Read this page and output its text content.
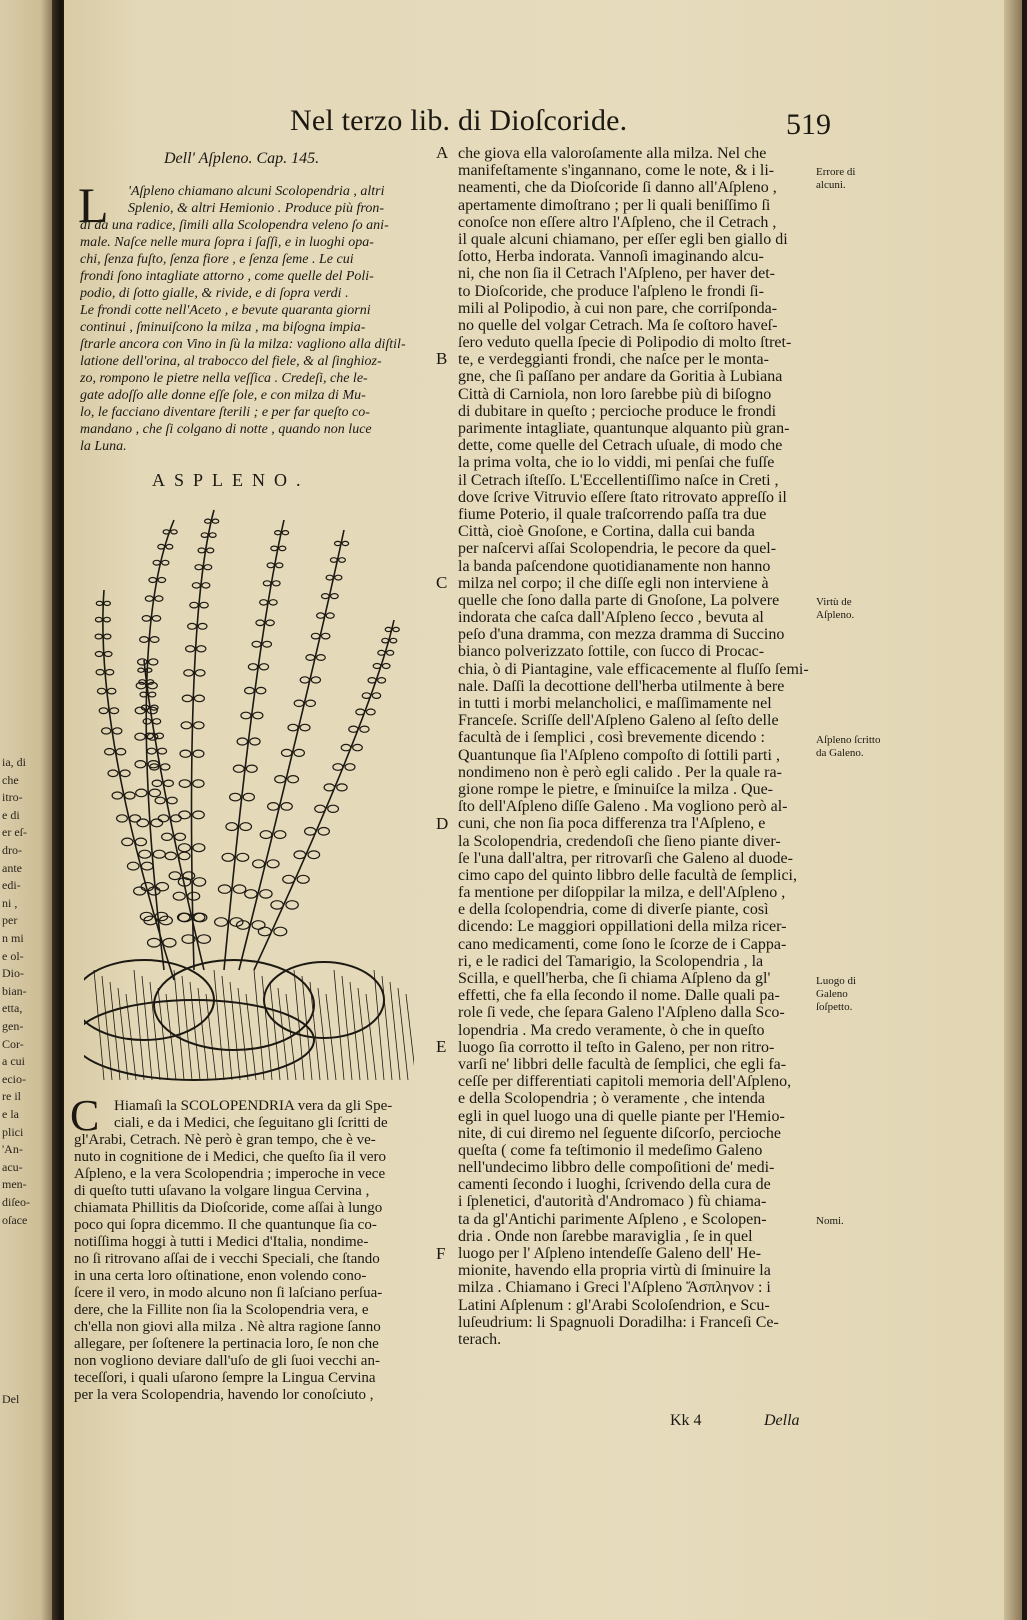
ia, di
che
itro-
e di
er eſ-
dro-
ante
edi-
ni ,
per
n mi
e ol-
Dio-
bian-
etta,
gen-
Cor-
a cui
ecio-
re il
e la
plici
'An-
acu-
men-
diſeo-
oſace
Del
Nel terzo lib. di Dioſcoride.	519
Dell' Aſpleno. Cap. 145.
L	'Aſpleno chiamano alcuni Scolopendria , altri
Splenio, & altri Hemionio . Produce più fron-
di da una radice, ſimili alla Scolopendra veleno ſo ani-
male. Naſce nelle mura ſopra i ſaſſi, e in luoghi opa-
chi, ſenza fuſto, ſenza fiore , e ſenza ſeme . Le cui
frondi ſono intagliate attorno , come quelle del Poli-
podio, di ſotto gialle, & rivide, e di ſopra verdi .
Le frondi cotte nell'Aceto , e bevute quaranta giorni
continui , ſminuiſcono la milza , ma biſogna impia-
ſtrarle ancora con Vino in ſù la milza: vagliono alla diſtil-
latione dell'orina, al trabocco del fiele, & al ſinghioz-
zo, rompono le pietre nella veſſica . Credeſi, che le-
gate adoſſo alle donne eſſe ſole, e con milza di Mu-
lo, le facciano diventare ſterili ; e per far queſto co-
mandano , che ſi colgano di notte , quando non luce
la Luna.
ASPLENO.
C Hiamaſi la SCOLOPENDRIA vera da gli Spe-
ciali, e da i Medici, che ſeguitano gli ſcritti de
gl'Arabi, Cetrach. Nè però è gran tempo, che è ve-
nuto in cognitione de i Medici, che queſto ſia il vero
Aſpleno, e la vera Scolopendria ; imperoche in vece
di queſto tutti uſavano la volgare lingua Cervina ,
chiamata Phillitis da Dioſcoride, come aſſai à lungo
poco qui ſopra dicemmo. Il che quantunque ſia co-
notiſſima hoggi à tutti i Medici d'Italia, nondime-
no ſi ritrovano aſſai de i vecchi Speciali, che ſtando
in una certa loro oſtinatione, enon volendo cono-
ſcere il vero, in modo alcuno non ſi laſciano perſua-
dere, che la Fillite non ſia la Scolopendria vera, e
ch'ella non giovi alla milza . Nè altra ragione ſanno
allegare, per ſoſtenere la pertinacia loro, ſe non che
non vogliono deviare dall'uſo de gli ſuoi vecchi an-
teceſſori, i quali uſarono ſempre la Lingua Cervina
per la vera Scolopendria, havendo lor conoſciuto ,
che giova ella valoroſamente alla milza. Nel che
manifeſtamente s'ingannano, come le note, & i li-
neamenti, che da Dioſcoride ſi danno all'Aſpleno ,
apertamente dimoſtrano ; per li quali beniſſimo ſi
conoſce non eſſere altro l'Aſpleno, che il Cetrach ,
il quale alcuni chiamano, per eſſer egli ben giallo di
ſotto, Herba indorata. Vannoſi imaginando alcu-
ni, che non ſia il Cetrach l'Aſpleno, per haver det-
to Dioſcoride, che produce l'aſpleno le frondi ſi-
mili al Polipodio, à cui non pare, che corriſponda-
no quelle del volgar Cetrach. Ma ſe coſtoro haveſ-
ſero veduto quella ſpecie di Polipodio di molto ſtret-
te, e verdeggianti frondi, che naſce per le monta-
gne, che ſi paſſano per andare da Goritia à Lubiana
Città di Carniola, non loro ſarebbe più di biſogno
di dubitare in queſto ; percioche produce le frondi
parimente intagliate, quantunque alquanto più gran-
dette, come quelle del Cetrach uſuale, di modo che
la prima volta, che io lo viddi, mi penſai che fuſſe
il Cetrach iſteſſo. L'Eccellentiſſimo naſce in Creti ,
dove ſcrive Vitruvio eſſere ſtato ritrovato appreſſo il
fiume Poterio, il quale traſcorrendo paſſa tra due
Città, cioè Gnoſone, e Cortina, dalla cui banda
per naſcervi aſſai Scolopendria, le pecore da quel-
la banda paſcendone quotidianamente non hanno
milza nel corpo; il che diſſe egli non interviene à
quelle che ſono dalla parte di Gnoſone, La polvere
indorata che caſca dall'Aſpleno ſecco , bevuta al
peſo d'una dramma, con mezza dramma di Succino
bianco polverizzato ſottile, con ſucco di Procac-
chia, ò di Piantagine, vale efficacemente al fluſſo ſemi-
nale. Daſſi la decottione dell'herba utilmente à bere
in tutti i morbi melancholici, e maſſimamente nel
Franceſe. Scriſſe dell'Aſpleno Galeno al ſeſto delle
facultà de i ſemplici , così brevemente dicendo :
Quantunque ſia l'Aſpleno compoſto di ſottili parti ,
nondimeno non è però egli calido . Per la quale ra-
gione rompe le pietre, e ſminuiſce la milza . Que-
ſto dell'Aſpleno diſſe Galeno . Ma vogliono però al-
cuni, che non ſia poca differenza tra l'Aſpleno, e
la Scolopendria, credendoſi che ſieno piante diver-
ſe l'una dall'altra, per ritrovarſi che Galeno al duode-
cimo capo del quinto libbro delle facultà de ſemplici,
fa mentione per diſoppilar la milza, e dell'Aſpleno ,
e della ſcolopendria, come di diverſe piante, così
dicendo: Le maggiori oppillationi della milza ricer-
cano medicamenti, come ſono le ſcorze de i Cappa-
ri, e le radici del Tamarigio, la Scolopendria , la
Scilla, e quell'herba, che ſi chiama Aſpleno da gl'
effetti, che fa ella ſecondo il nome. Dalle quali pa-
role ſi vede, che ſepara Galeno l'Aſpleno dalla Sco-
lopendria . Ma credo veramente, ò che in queſto
luogo ſia corrotto il teſto in Galeno, per non ritro-
varſi ne' libbri delle facultà de ſemplici, che egli fa-
ceſſe per differentiati capitoli memoria dell'Aſpleno,
e della Scolopendria ; ò veramente , che intenda
egli in quel luogo una di quelle piante per l'Hemio-
nite, di cui diremo nel ſeguente diſcorſo, percioche
queſta ( come fa teſtimonio il medeſimo Galeno
nell'undecimo libbro delle compoſitioni de' medi-
camenti ſecondo i luoghi, ſcrivendo della cura de
i ſplenetici, d'autorità d'Andromaco ) fù chiama-
ta da gl'Antichi parimente Aſpleno , e Scolopen-
dria . Onde non ſarebbe maraviglia , ſe in quel
luogo per l' Aſpleno intendeſſe Galeno dell' He-
mionite, havendo ella propria virtù di ſminuire la
milza . Chiamano i Greci l'Aſpleno Ἄσπληνον : i
Latini Aſplenum : gl'Arabi Scoloſendrion, e Scu-
luſeudrium: li Spagnuoli Doradilha: i Franceſi Ce-
terach.
A
B
C
D
E
F
Errore di alcuni.
Virtù de Aſpleno.
Aſpleno ſcritto da Galeno.
Luogo di Galeno ſoſpetto.
Nomi.
Kk 4	Della
